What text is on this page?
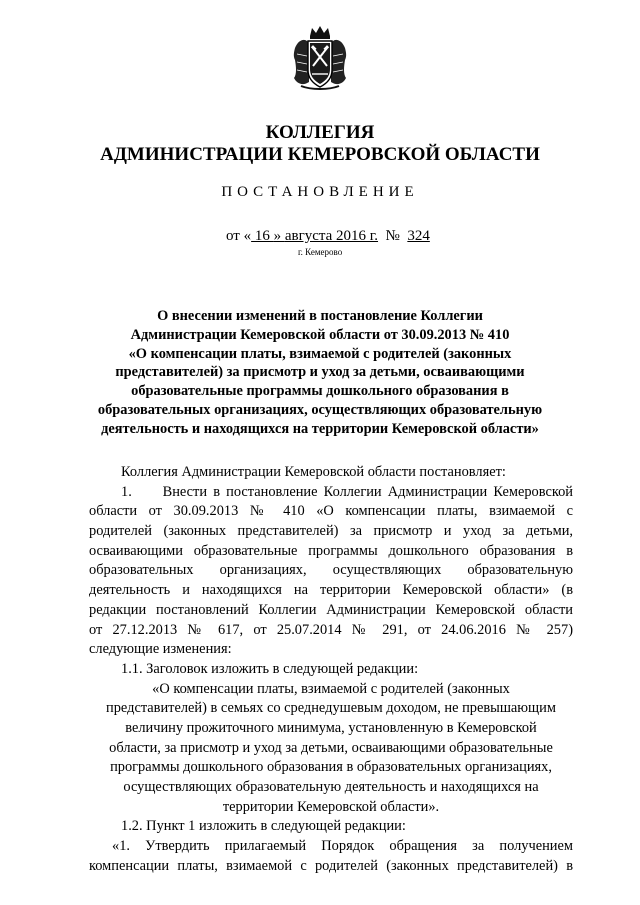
КОЛЛЕГИЯ
АДМИНИСТРАЦИИ КЕМЕРОВСКОЙ ОБЛАСТИ
ПОСТАНОВЛЕНИЕ
от « 16 » августа 2016 г.  №  324
г. Кемерово
О внесении изменений в постановление Коллегии
Администрации Кемеровской области от 30.09.2013 № 410
«О компенсации платы, взимаемой с родителей (законных
представителей) за присмотр и уход за детьми, осваивающими
образовательные программы дошкольного образования в
образовательных организациях, осуществляющих образовательную
деятельность и находящихся на территории Кемеровской области»
Коллегия Администрации Кемеровской области постановляет:
1.     Внести в постановление Коллегии Администрации Кемеровской
области от 30.09.2013 № 410 «О компенсации платы, взимаемой с
родителей (законных представителей) за присмотр и уход за детьми,
осваивающими образовательные программы дошкольного образования в
образовательных организациях, осуществляющих образовательную
деятельность и находящихся на территории Кемеровской области» (в
редакции постановлений Коллегии Администрации Кемеровской области
от 27.12.2013 № 617, от 25.07.2014 № 291, от 24.06.2016 № 257)
следующие изменения:
1.1. Заголовок изложить в следующей редакции:
«О компенсации платы, взимаемой с родителей (законных
представителей) в семьях со среднедушевым доходом, не превышающим
величину прожиточного минимума, установленную в Кемеровской
области, за присмотр и уход за детьми, осваивающими образовательные
программы дошкольного образования в образовательных организациях,
осуществляющих образовательную деятельность и находящихся на
территории Кемеровской области».
1.2. Пункт 1 изложить в следующей редакции:
«1. Утвердить прилагаемый Порядок обращения за получением
компенсации платы, взимаемой с родителей (законных представителей) в
